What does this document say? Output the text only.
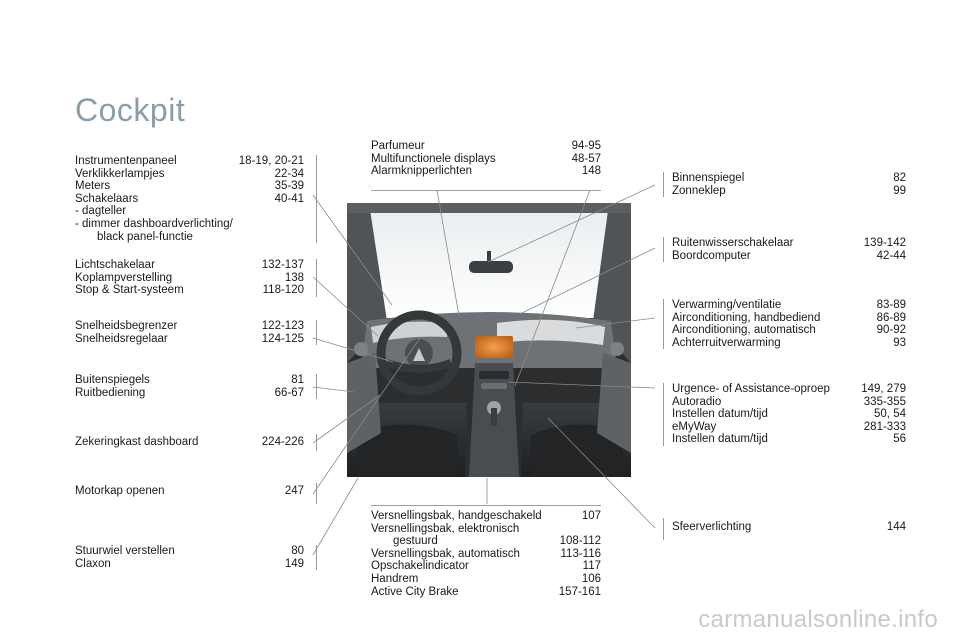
Cockpit
Instrumentenpaneel	18-19, 20-21
Verklikkerlampjes	22-34
Meters	35-39
Schakelaars	40-41
- dagteller
- dimmer dashboardverlichting/
black panel-functie
Lichtschakelaar	132-137
Koplampverstelling	138
Stop & Start-systeem	118-120
Snelheidsbegrenzer	122-123
Snelheidsregelaar	124-125
Buitenspiegels	81
Ruitbediening	66-67
Zekeringkast dashboard	224-226
Motorkap openen	247
Stuurwiel verstellen	80
Claxon	149
Parfumeur	94-95
Multifunctionele displays	48-57
Alarmknipperlichten	148
Versnellingsbak, handgeschakeld	107
Versnellingsbak, elektronisch
gestuurd	108-112
Versnellingsbak, automatisch	113-116
Opschakelindicator	117
Handrem	106
Active City Brake	157-161
Binnenspiegel	82
Zonneklep	99
Ruitenwisserschakelaar	139-142
Boordcomputer	42-44
Verwarming/ventilatie	83-89
Airconditioning, handbediend	86-89
Airconditioning, automatisch	90-92
Achterruitverwarming	93
Urgence- of Assistance-oproep	149, 279
Autoradio	335-355
Instellen datum/tijd	50, 54
eMyWay	281-333
Instellen datum/tijd	56
Sfeerverlichting	144
carmanualsonline.info
